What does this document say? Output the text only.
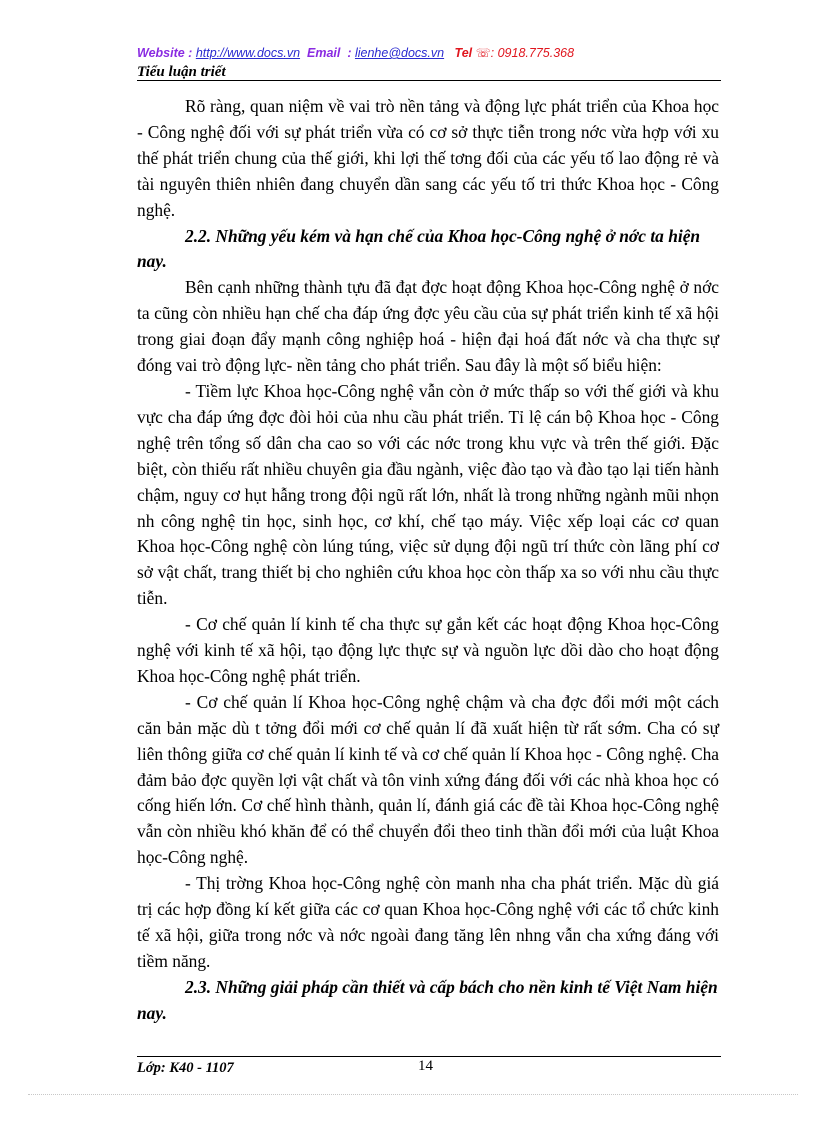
Website : http://www.docs.vn Email : lienhe@docs.vn Tel ☏: 0918.775.368
Tiểu luận triết

Rõ ràng, quan niệm về vai trò nền tảng và động lực phát triển của Khoa học - Công nghệ đối với sự phát triển vừa có cơ sở thực tiễn trong nớc vừa hợp với xu thế phát triển chung của thế giới, khi lợi thế tơng đối của các yếu tố lao động rẻ và tài nguyên thiên nhiên đang chuyển dần sang các yếu tố tri thức Khoa học - Công nghệ.

2.2. Những yếu kém và hạn chế của Khoa học-Công nghệ ở nớc ta hiện nay.

Bên cạnh những thành tựu đã đạt đợc hoạt động Khoa học-Công nghệ ở nớc ta cũng còn nhiều hạn chế cha đáp ứng đợc yêu cầu của sự phát triển kinh tế xã hội trong giai đoạn đẩy mạnh công nghiệp hoá - hiện đại hoá đất nớc và cha thực sự đóng vai trò động lực- nền tảng cho phát triển. Sau đây là một số biểu hiện:

- Tiềm lực Khoa học-Công nghệ vẫn còn ở mức thấp so với thế giới và khu vực cha đáp ứng đợc đòi hỏi của nhu cầu phát triển. Tỉ lệ cán bộ Khoa học - Công nghệ trên tổng số dân cha cao so với các nớc trong khu vực và trên thế giới. Đặc biệt, còn thiếu rất nhiều chuyên gia đầu ngành, việc đào tạo và đào tạo lại tiến hành chậm, nguy cơ hụt hẫng trong đội ngũ rất lớn, nhất là trong những ngành mũi nhọn nh công nghệ tin học, sinh học, cơ khí, chế tạo máy. Việc xếp loại các cơ quan Khoa học-Công nghệ còn lúng túng, việc sử dụng đội ngũ trí thức còn lãng phí cơ sở vật chất, trang thiết bị cho nghiên cứu khoa học còn thấp xa so với nhu cầu thực tiễn.

- Cơ chế quản lí kinh tế cha thực sự gắn kết các hoạt động Khoa học-Công nghệ với kinh tế xã hội, tạo động lực thực sự và nguồn lực dồi dào cho hoạt động Khoa học-Công nghệ phát triển.

- Cơ chế quản lí Khoa học-Công nghệ chậm và cha đợc đổi mới một cách căn bản mặc dù t tởng đổi mới cơ chế quản lí đã xuất hiện từ rất sớm. Cha có sự liên thông giữa cơ chế quản lí kinh tế và cơ chế quản lí Khoa học - Công nghệ. Cha đảm bảo đợc quyền lợi vật chất và tôn vinh xứng đáng đối với các nhà khoa học có cống hiến lớn. Cơ chế hình thành, quản lí, đánh giá các đề tài Khoa học-Công nghệ vẫn còn nhiều khó khăn để có thể chuyển đổi theo tinh thần đổi mới của luật Khoa học-Công nghệ.

- Thị trờng Khoa học-Công nghệ còn manh nha cha phát triển. Mặc dù giá trị các hợp đồng kí kết giữa các cơ quan Khoa học-Công nghệ với các tổ chức kinh tế xã hội, giữa trong nớc và nớc ngoài đang tăng lên nhng vẫn cha xứng đáng với tiềm năng.

2.3. Những giải pháp cần thiết và cấp bách cho nền kinh tế Việt Nam hiện nay.
Lớp: K40 - 1107	14
